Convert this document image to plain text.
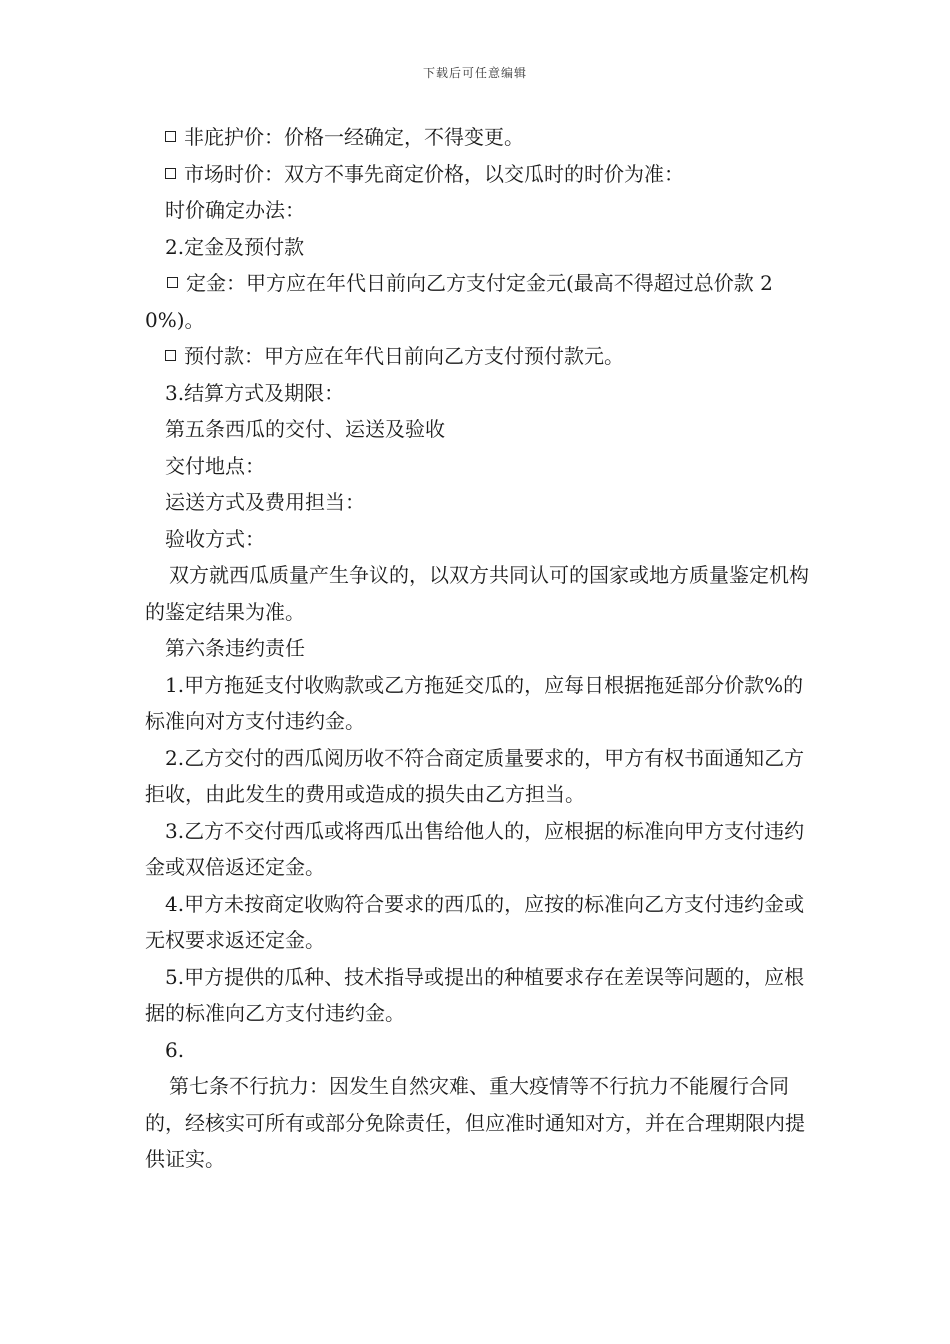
下载后可任意编辑

非庇护价：价格一经确定，不得变更。

市场时价：双方不事先商定价格，以交瓜时的时价为准：

时价确定办法：

2.定金及预付款

定金：甲方应在年代日前向乙方支付定金元(最高不得超过总价款 20%)。

预付款：甲方应在年代日前向乙方支付预付款元。

3.结算方式及期限：

第五条西瓜的交付、运送及验收

交付地点：

运送方式及费用担当：

验收方式：

双方就西瓜质量产生争议的，以双方共同认可的国家或地方质量鉴定机构的鉴定结果为准。

第六条违约责任

1.甲方拖延支付收购款或乙方拖延交瓜的，应每日根据拖延部分价款%的标准向对方支付违约金。

2.乙方交付的西瓜阅历收不符合商定质量要求的，甲方有权书面通知乙方拒收，由此发生的费用或造成的损失由乙方担当。

3.乙方不交付西瓜或将西瓜出售给他人的，应根据的标准向甲方支付违约金或双倍返还定金。

4.甲方未按商定收购符合要求的西瓜的，应按的标准向乙方支付违约金或无权要求返还定金。

5.甲方提供的瓜种、技术指导或提出的种植要求存在差误等问题的，应根据的标准向乙方支付违约金。

6.

第七条不行抗力：因发生自然灾难、重大疫情等不行抗力不能履行合同的，经核实可所有或部分免除责任，但应准时通知对方，并在合理期限内提供证实。
